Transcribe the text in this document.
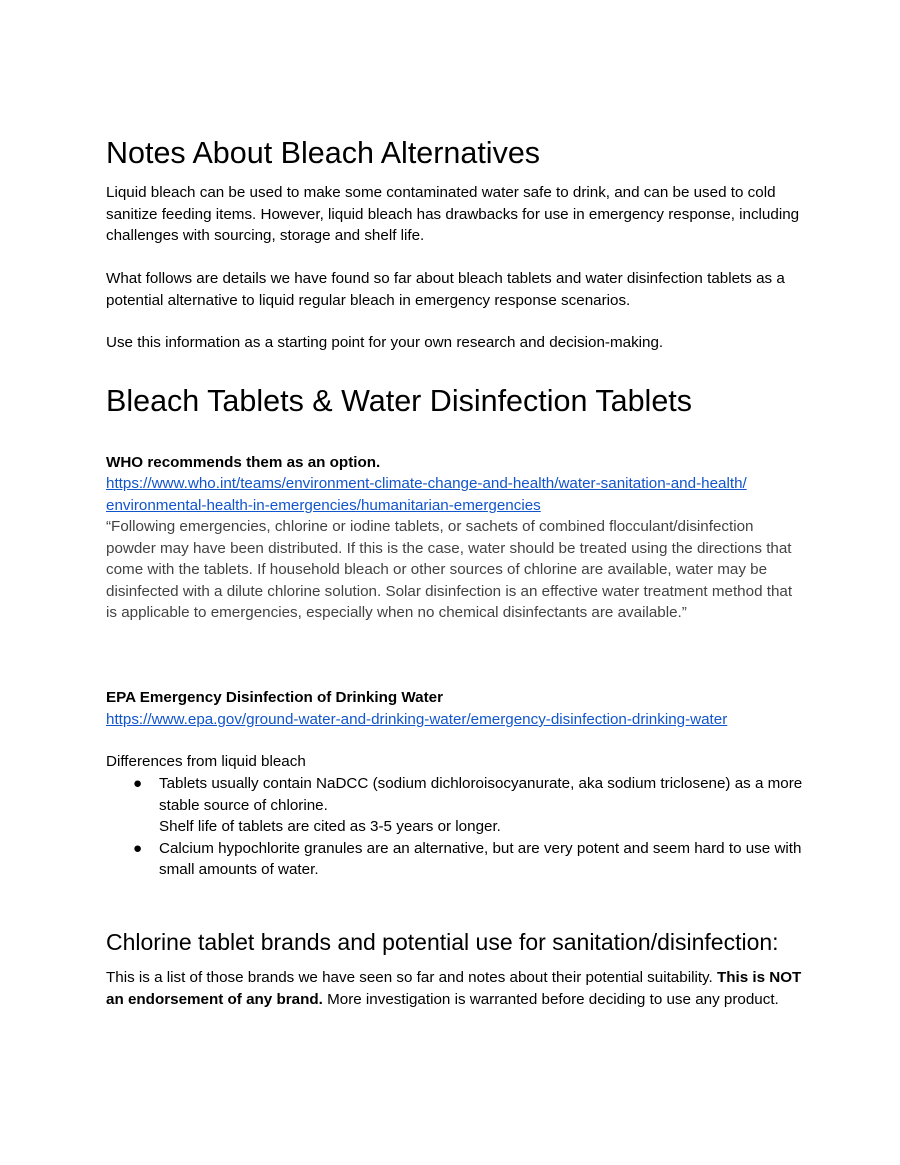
Notes About Bleach Alternatives

Liquid bleach can be used to make some contaminated water safe to drink, and can be used to cold sanitize feeding items. However, liquid bleach has drawbacks for use in emergency response, including challenges with sourcing, storage and shelf life.

What follows are details we have found so far about bleach tablets and water disinfection tablets as a potential alternative to liquid regular bleach in emergency response scenarios.

Use this information as a starting point for your own research and decision-making.

Bleach Tablets & Water Disinfection Tablets

WHO recommends them as an option.

https://www.who.int/teams/environment-climate-change-and-health/water-sanitation-and-health/
environmental-health-in-emergencies/humanitarian-emergencies

“Following emergencies, chlorine or iodine tablets, or sachets of combined flocculant/disinfection powder may have been distributed. If this is the case, water should be treated using the directions that come with the tablets. If household bleach or other sources of chlorine are available, water may be disinfected with a dilute chlorine solution. Solar disinfection is an effective water treatment method that is applicable to emergencies, especially when no chemical disinfectants are available.”

EPA Emergency Disinfection of Drinking Water

https://www.epa.gov/ground-water-and-drinking-water/emergency-disinfection-drinking-water

Differences from liquid bleach

● Tablets usually contain NaDCC (sodium dichloroisocyanurate, aka sodium triclosene) as a more stable source of chlorine.
Shelf life of tablets are cited as 3-5 years or longer.
● Calcium hypochlorite granules are an alternative, but are very potent and seem hard to use with small amounts of water.
Chlorine tablet brands and potential use for sanitation/disinfection:

This is a list of those brands we have seen so far and notes about their potential suitability. This is NOT an endorsement of any brand. More investigation is warranted before deciding to use any product.
